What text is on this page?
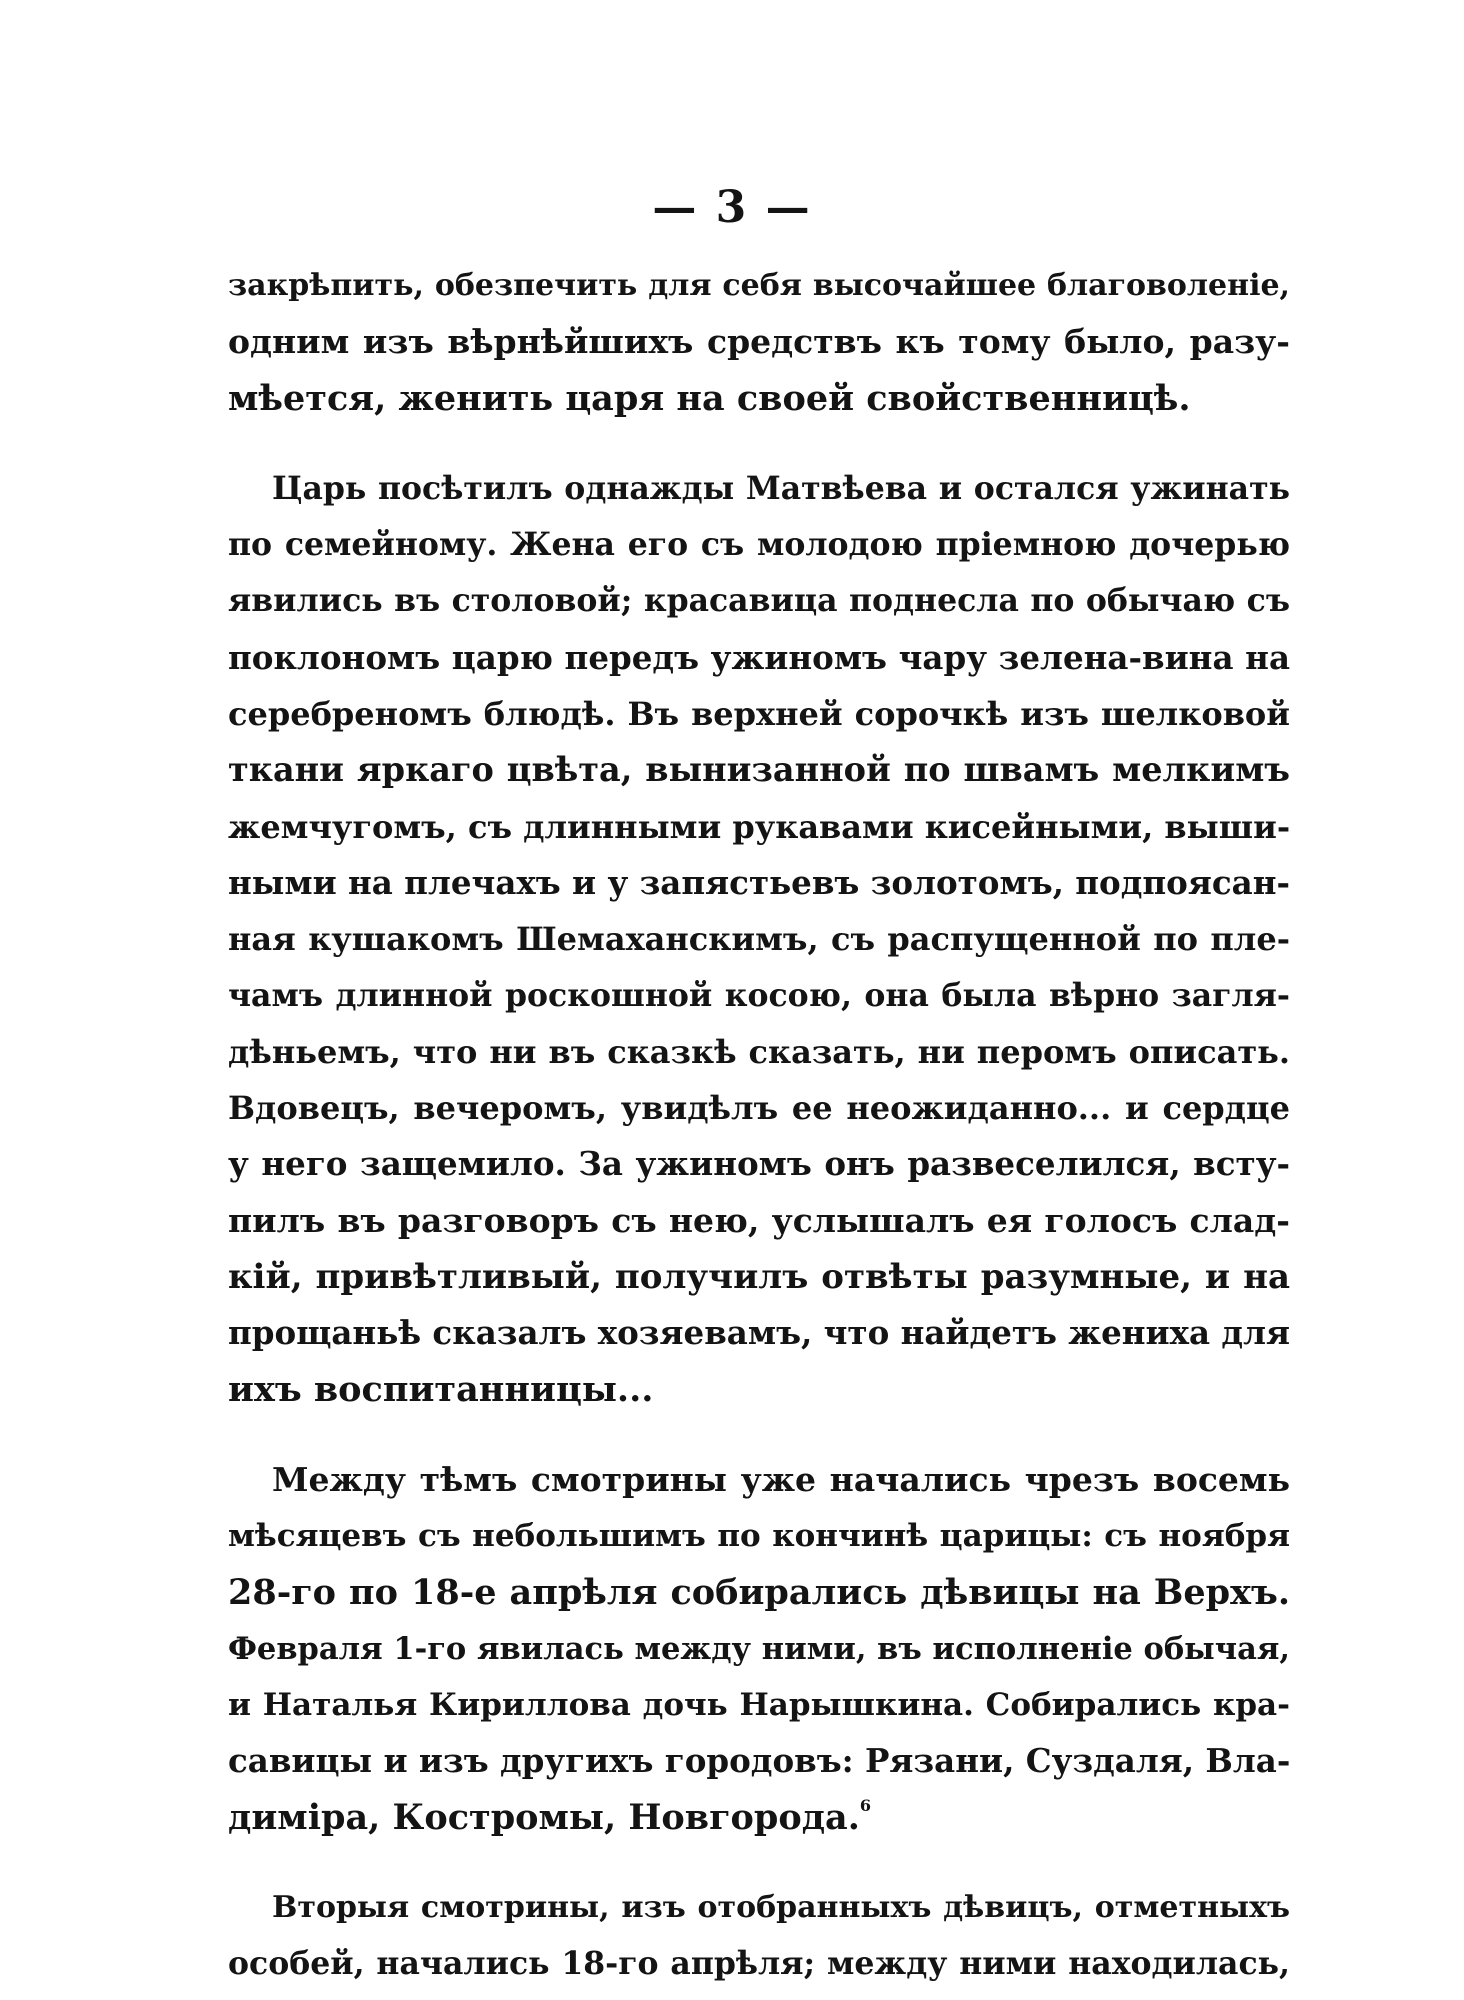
— 3 —

закрѣпить, обезпечить для себя высочайшее благоволеніе,
одним изъ вѣрнѣйшихъ средствъ къ тому было, разу-
мѣется, женить царя на своей свойственницѣ.

Царь посѣтилъ однажды Матвѣева и остался ужинать
по семейному. Жена его съ молодою пріемною дочерью
явились въ столовой; красавица поднесла по обычаю съ
поклономъ царю передъ ужиномъ чару зелена-вина на
серебреномъ блюдѣ. Въ верхней сорочкѣ изъ шелковой
ткани яркаго цвѣта, вынизанной по швамъ мелкимъ
жемчугомъ, съ длинными рукавами кисейными, выши-
ными на плечахъ и у запястьевъ золотомъ, подпоясан-
ная кушакомъ Шемаханскимъ, съ распущенной по пле-
чамъ длинной роскошной косою, она была вѣрно загля-
дѣньемъ, что ни въ сказкѣ сказать, ни перомъ описать.
Вдовецъ, вечеромъ, увидѣлъ ее неожиданно... и сердце
у него защемило. За ужиномъ онъ развеселился, всту-
пилъ въ разговоръ съ нею, услышалъ ея голосъ слад-
кій, привѣтливый, получилъ отвѣты разумные, и на
прощаньѣ сказалъ хозяевамъ, что найдетъ жениха для
ихъ воспитанницы...

Между тѣмъ смотрины уже начались чрезъ восемь
мѣсяцевъ съ небольшимъ по кончинѣ царицы: съ ноября
28-го по 18-е апрѣля собирались дѣвицы на Верхъ.
Февраля 1-го явилась между ними, въ исполненіе обычая,
и Наталья Кириллова дочь Нарышкина. Собирались кра-
савицы и изъ другихъ городовъ: Рязани, Суздаля, Вла-
диміра, Костромы, Новгорода.$^6$

Вторыя смотрины, изъ отобранныхъ дѣвицъ, отметныхъ
особей, начались 18-го апрѣля; между ними находилась,
